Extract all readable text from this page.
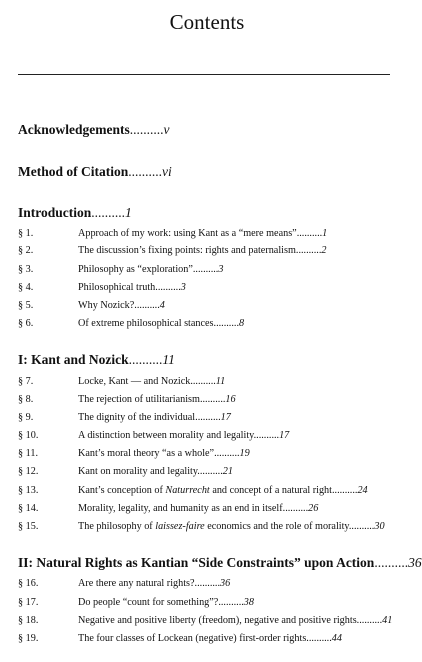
Contents
Acknowledgements..........v
Method of Citation..........vi
Introduction..........1
§ 1.	Approach of my work: using Kant as a “mere means”..........1
§ 2.	The discussion’s fixing points: rights and paternalism..........2
§ 3.	Philosophy as “exploration”..........3
§ 4.	Philosophical truth..........3
§ 5.	Why Nozick?..........4
§ 6.	Of extreme philosophical stances..........8
I: Kant and Nozick..........11
§ 7.	Locke, Kant — and Nozick..........11
§ 8.	The rejection of utilitarianism..........16
§ 9.	The dignity of the individual..........17
§ 10.	A distinction between morality and legality..........17
§ 11.	Kant’s moral theory “as a whole”..........19
§ 12.	Kant on morality and legality..........21
§ 13.	Kant’s conception of Naturrecht and concept of a natural right..........24
§ 14.	Morality, legality, and humanity as an end in itself..........26
§ 15.	The philosophy of laissez-faire economics and the role of morality..........30
II: Natural Rights as Kantian “Side Constraints” upon Action..........36
§ 16.	Are there any natural rights?..........36
§ 17.	Do people “count for something”?..........38
§ 18.	Negative and positive liberty (freedom), negative and positive rights..........41
§ 19.	The four classes of Lockean (negative) first-order rights..........44
